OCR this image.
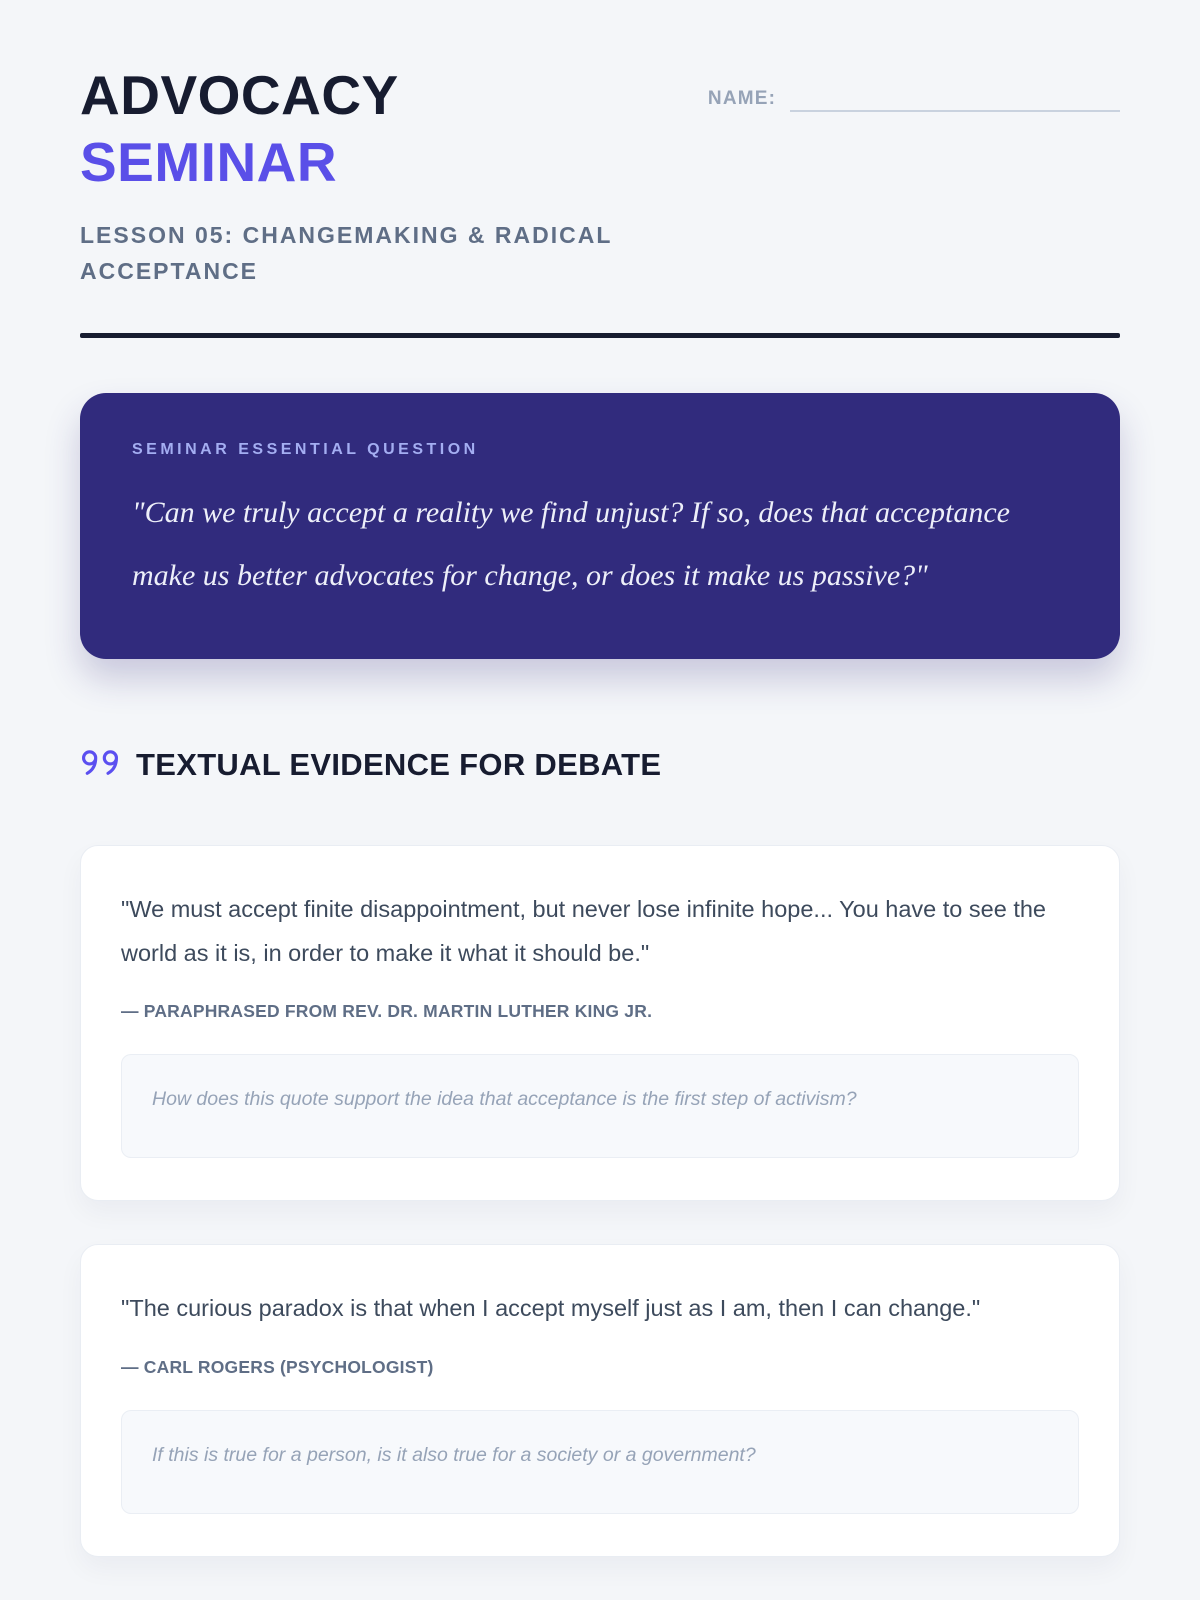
ADVOCACY
SEMINAR
LESSON 05: CHANGEMAKING & RADICAL ACCEPTANCE
NAME:
SEMINAR ESSENTIAL QUESTION
"Can we truly accept a reality we find unjust? If so, does that acceptance make us better advocates for change, or does it make us passive?"
TEXTUAL EVIDENCE FOR DEBATE
"We must accept finite disappointment, but never lose infinite hope... You have to see the world as it is, in order to make it what it should be."
— PARAPHRASED FROM REV. DR. MARTIN LUTHER KING JR.
How does this quote support the idea that acceptance is the first step of activism?
"The curious paradox is that when I accept myself just as I am, then I can change."
— CARL ROGERS (PSYCHOLOGIST)
If this is true for a person, is it also true for a society or a government?
